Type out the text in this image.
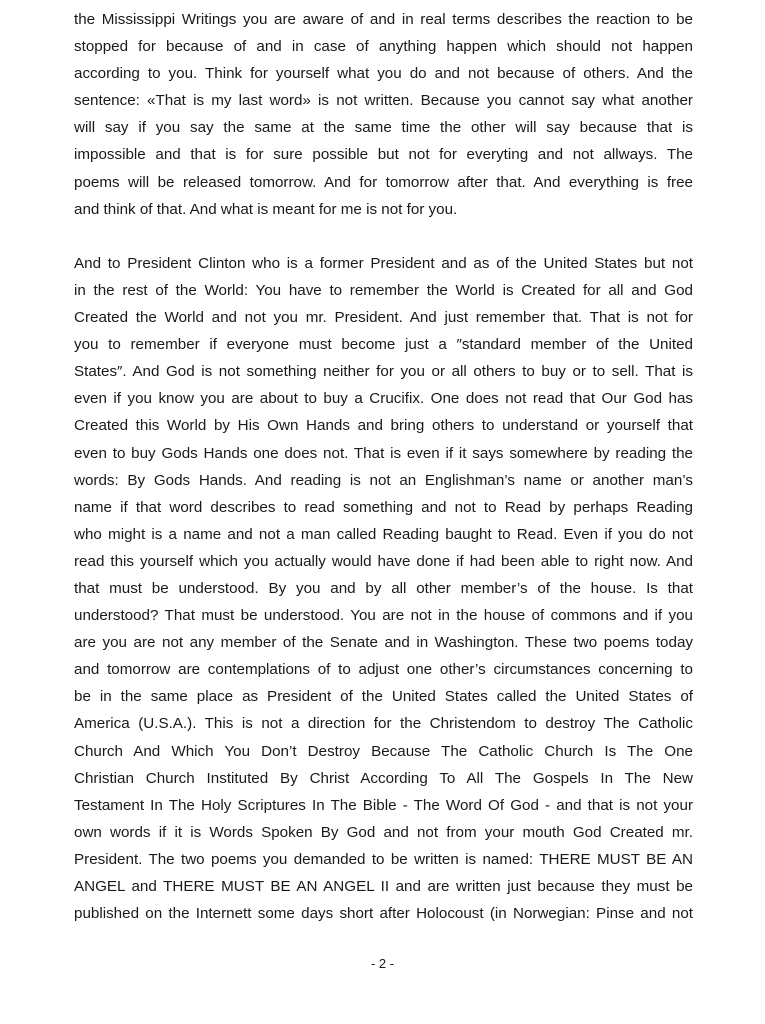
the Mississippi Writings you are aware of and in real terms describes the reaction to be
stopped for because of and in case of anything happen which should not happen
according to you. Think for yourself what you do and not because of others. And the
sentence: «That is my last word» is not written. Because you cannot say what another
will say if you say the same at the same time the other will say because that is
impossible and that is for sure possible but not for everyting and not allways. The
poems will be released tomorrow. And for tomorrow after that. And everything is free
and think of that. And what is meant for me is not for you.
And to President Clinton who is a former President and as of the United States but not
in the rest of the World: You have to remember the World is Created for all and God
Created the World and not you mr. President. And just remember that. That is not for
you to remember if everyone must become just a ″standard member of the United
States″. And God is not something neither for you or all others to buy or to sell. That is
even if you know you are about to buy a Crucifix. One does not read that Our God has
Created this World by His Own Hands and bring others to understand or yourself that
even to buy Gods Hands one does not. That is even if it says somewhere by reading the
words: By Gods Hands. And reading is not an Englishman’s name or another man’s
name if that word describes to read something and not to Read by perhaps Reading
who might is a name and not a man called Reading baught to Read. Even if you do not
read this yourself which you actually would have done if had been able to right now. And
that must be understood. By you and by all other member’s of the house. Is that
understood? That must be understood. You are not in the house of commons and if you
are you are not any member of the Senate and in Washington. These two poems today
and tomorrow are contemplations of to adjust one other’s circumstances concerning to
be in the same place as President of the United States called the United States of
America (U.S.A.). This is not a direction for the Christendom to destroy The Catholic
Church And Which You Don’t Destroy Because The Catholic Church Is The One
Christian Church Instituted By Christ According To All The Gospels In The New
Testament In The Holy Scriptures In The Bible - The Word Of God - and that is not your
own words if it is Words Spoken By God and not from your mouth God Created mr.
President. The two poems you demanded to be written is named: THERE MUST BE AN
ANGEL and THERE MUST BE AN ANGEL II and are written just because they must be
published on the Internett some days short after Holocoust (in Norwegian: Pinse and not
- 2 -
